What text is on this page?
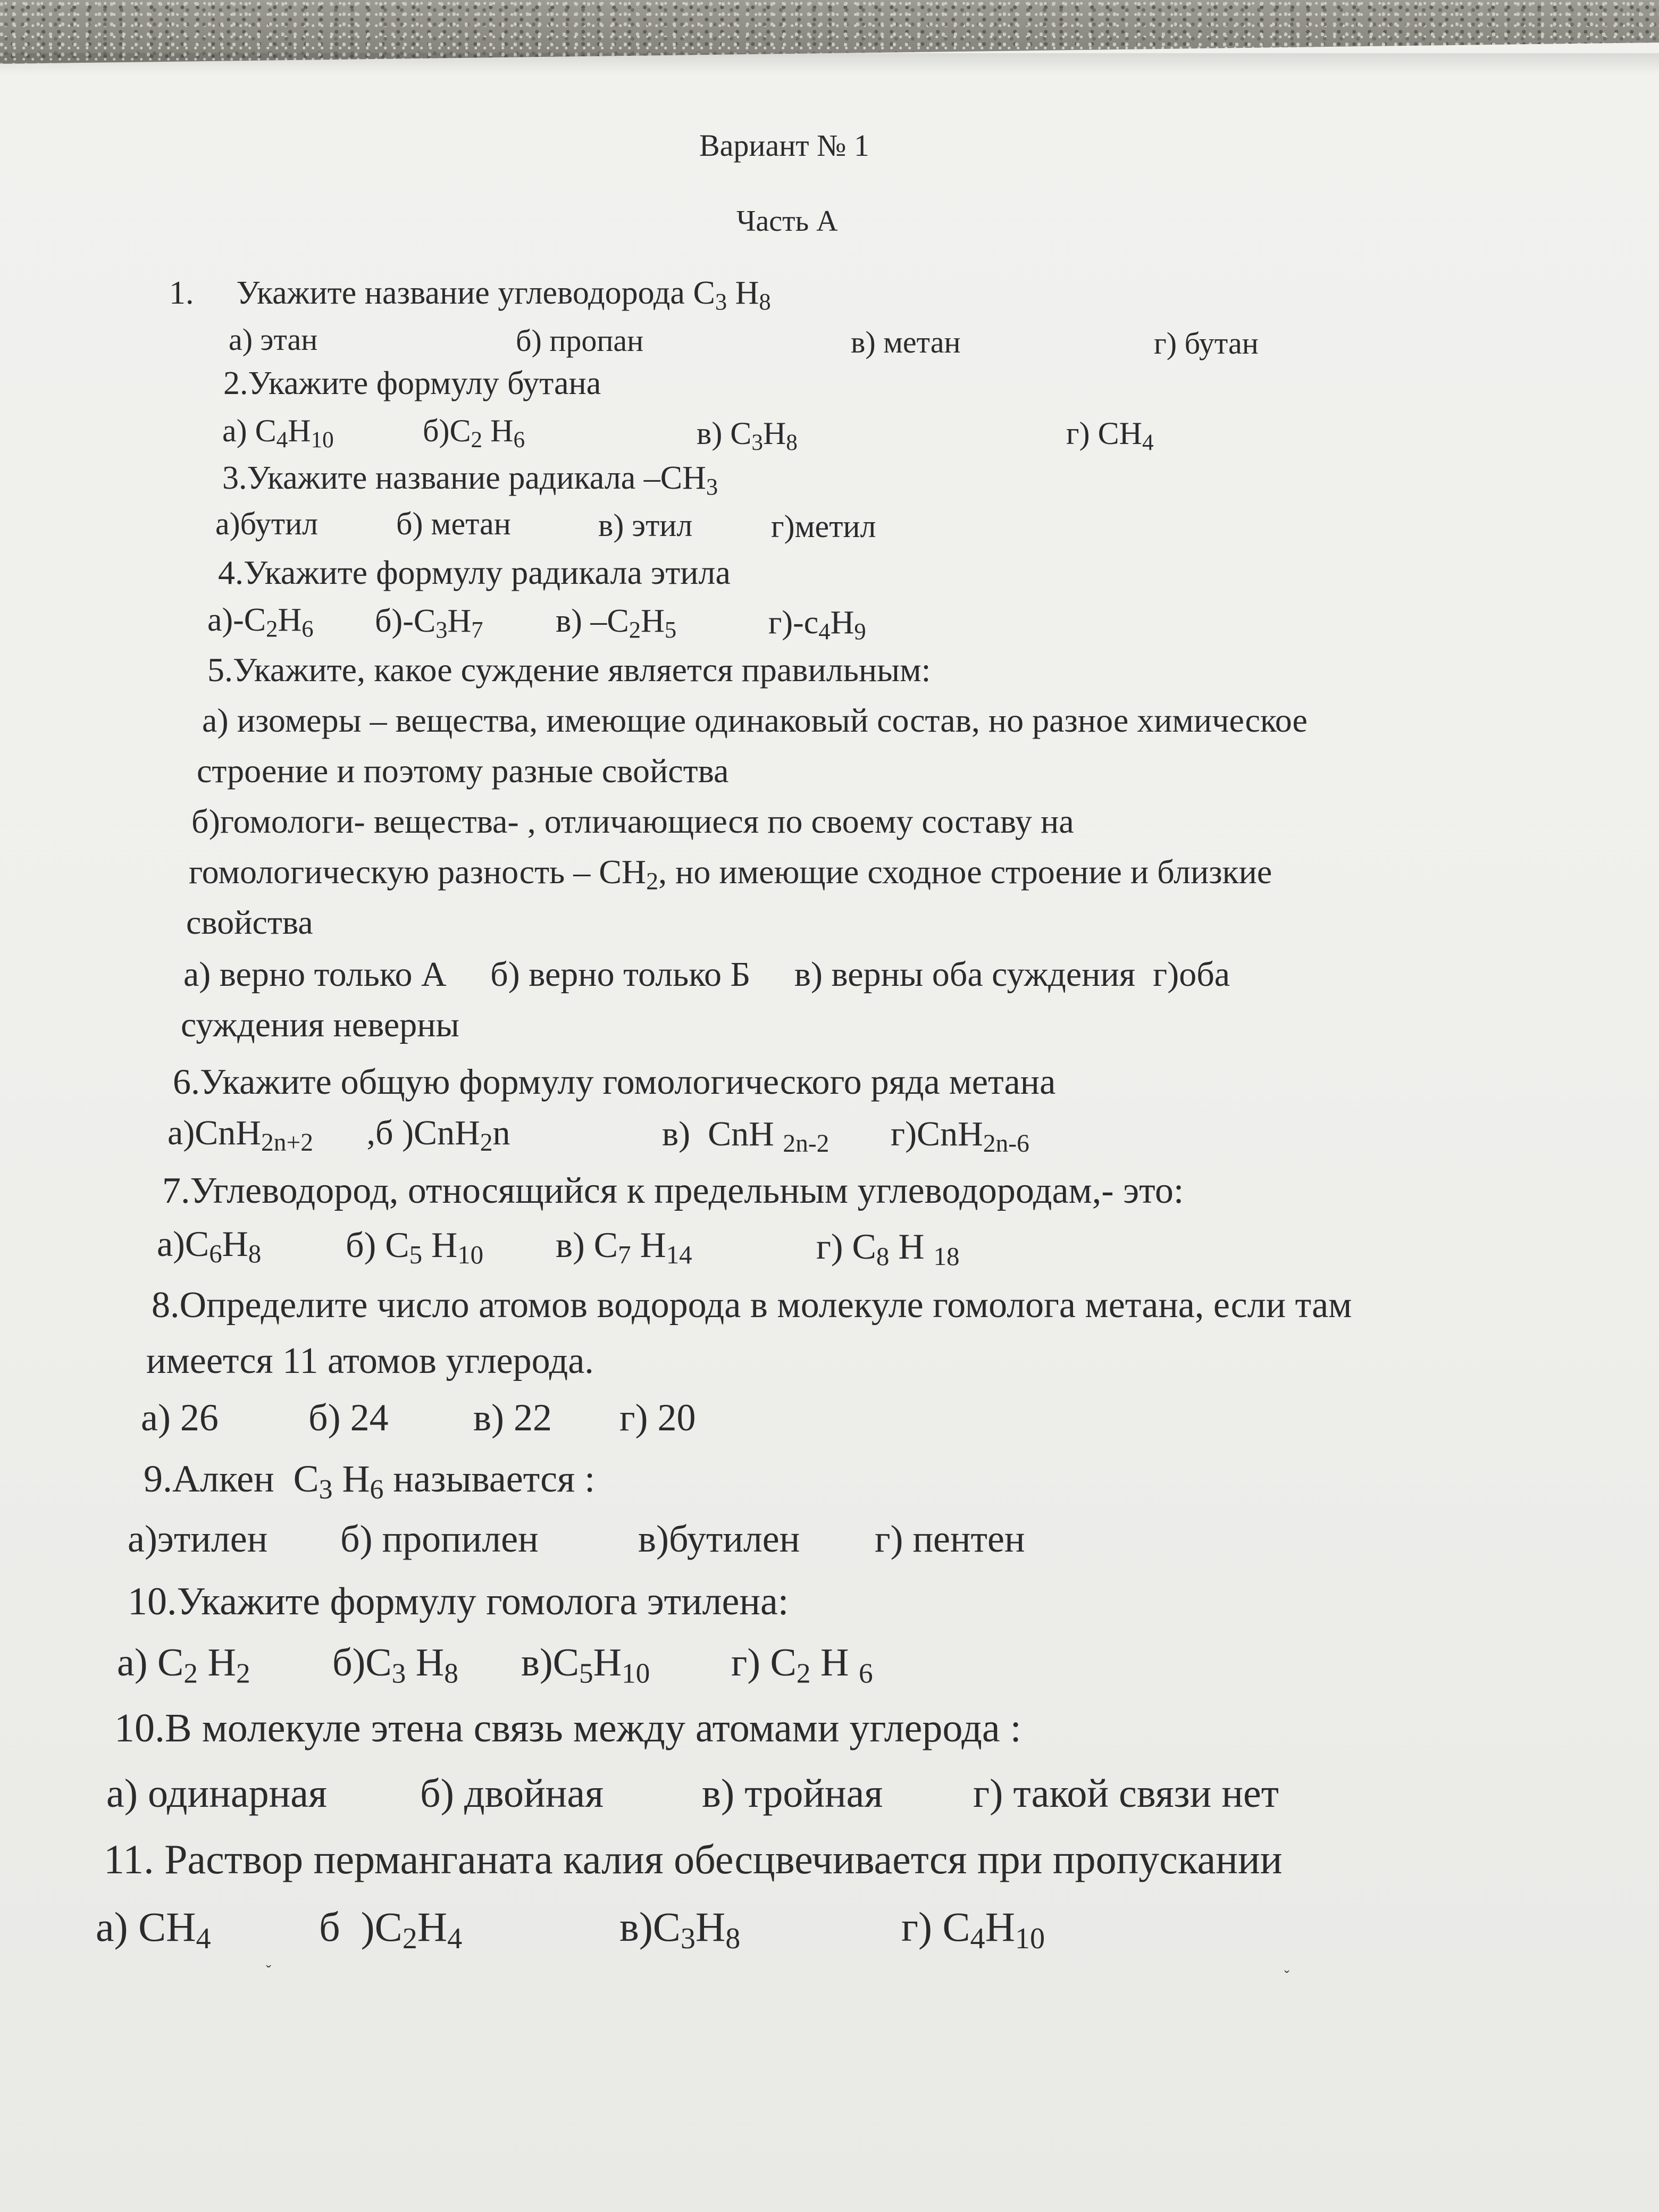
Вариант № 1
Часть А
1. Укажите название углеводорода C3 H8
а) этан	б) пропан	в) метан	г) бутан
2.Укажите формулу бутана
а) C4H10	б)C2 H6	в) C3H8	г) CH4
3.Укажите название радикала –CH3
а)бутил б) метан	в) этил г)метил
4.Укажите формулу радикала этила
а)-C2H6 б)-C3H7 в) –C2H5	г)-c4H9
5.Укажите, какое суждение является правильным:
а) изомеры – вещества, имеющие одинаковый состав, но разное химическое
строение и поэтому разные свойства
б)гомологи- вещества- , отличающиеся по своему составу на
гомологическую разность – CH2, но имеющие сходное строение и близкие
свойства
а) верно только А     б) верно только Б     в) верны оба суждения  г)оба
суждения неверны
6.Укажите общую формулу гомологического ряда метана
а)CnH2n+2 ,б )CnH2n	в)  CnH 2n-2 г)CnH2n-6
7.Углеводород, относящийся к предельным углеводородам,- это:
а)C6H8 б) C5 H10 в) C7 H14	г) C8 H 18
8.Определите число атомов водорода в молекуле гомолога метана, если там
имеется 11 атомов углерода.
а) 26 б) 24 в) 22 г) 20
9.Алкен  C3 H6 называется :
а)этилен б) пропилен	в)бутилен г) пентен
10.Укажите формулу гомолога этилена:
а) C2 H2 б)C3 H8 в)C5H10 г) C2 H 6
10.В молекуле этена связь между атомами углерода :
а) одинарная б) двойная в) тройная г) такой связи нет
11. Раствор перманганата калия обесцвечивается при пропускании
а) CH4	б  )C2H4	в)C3H8	г) C4H10
ˇ	ˇ
